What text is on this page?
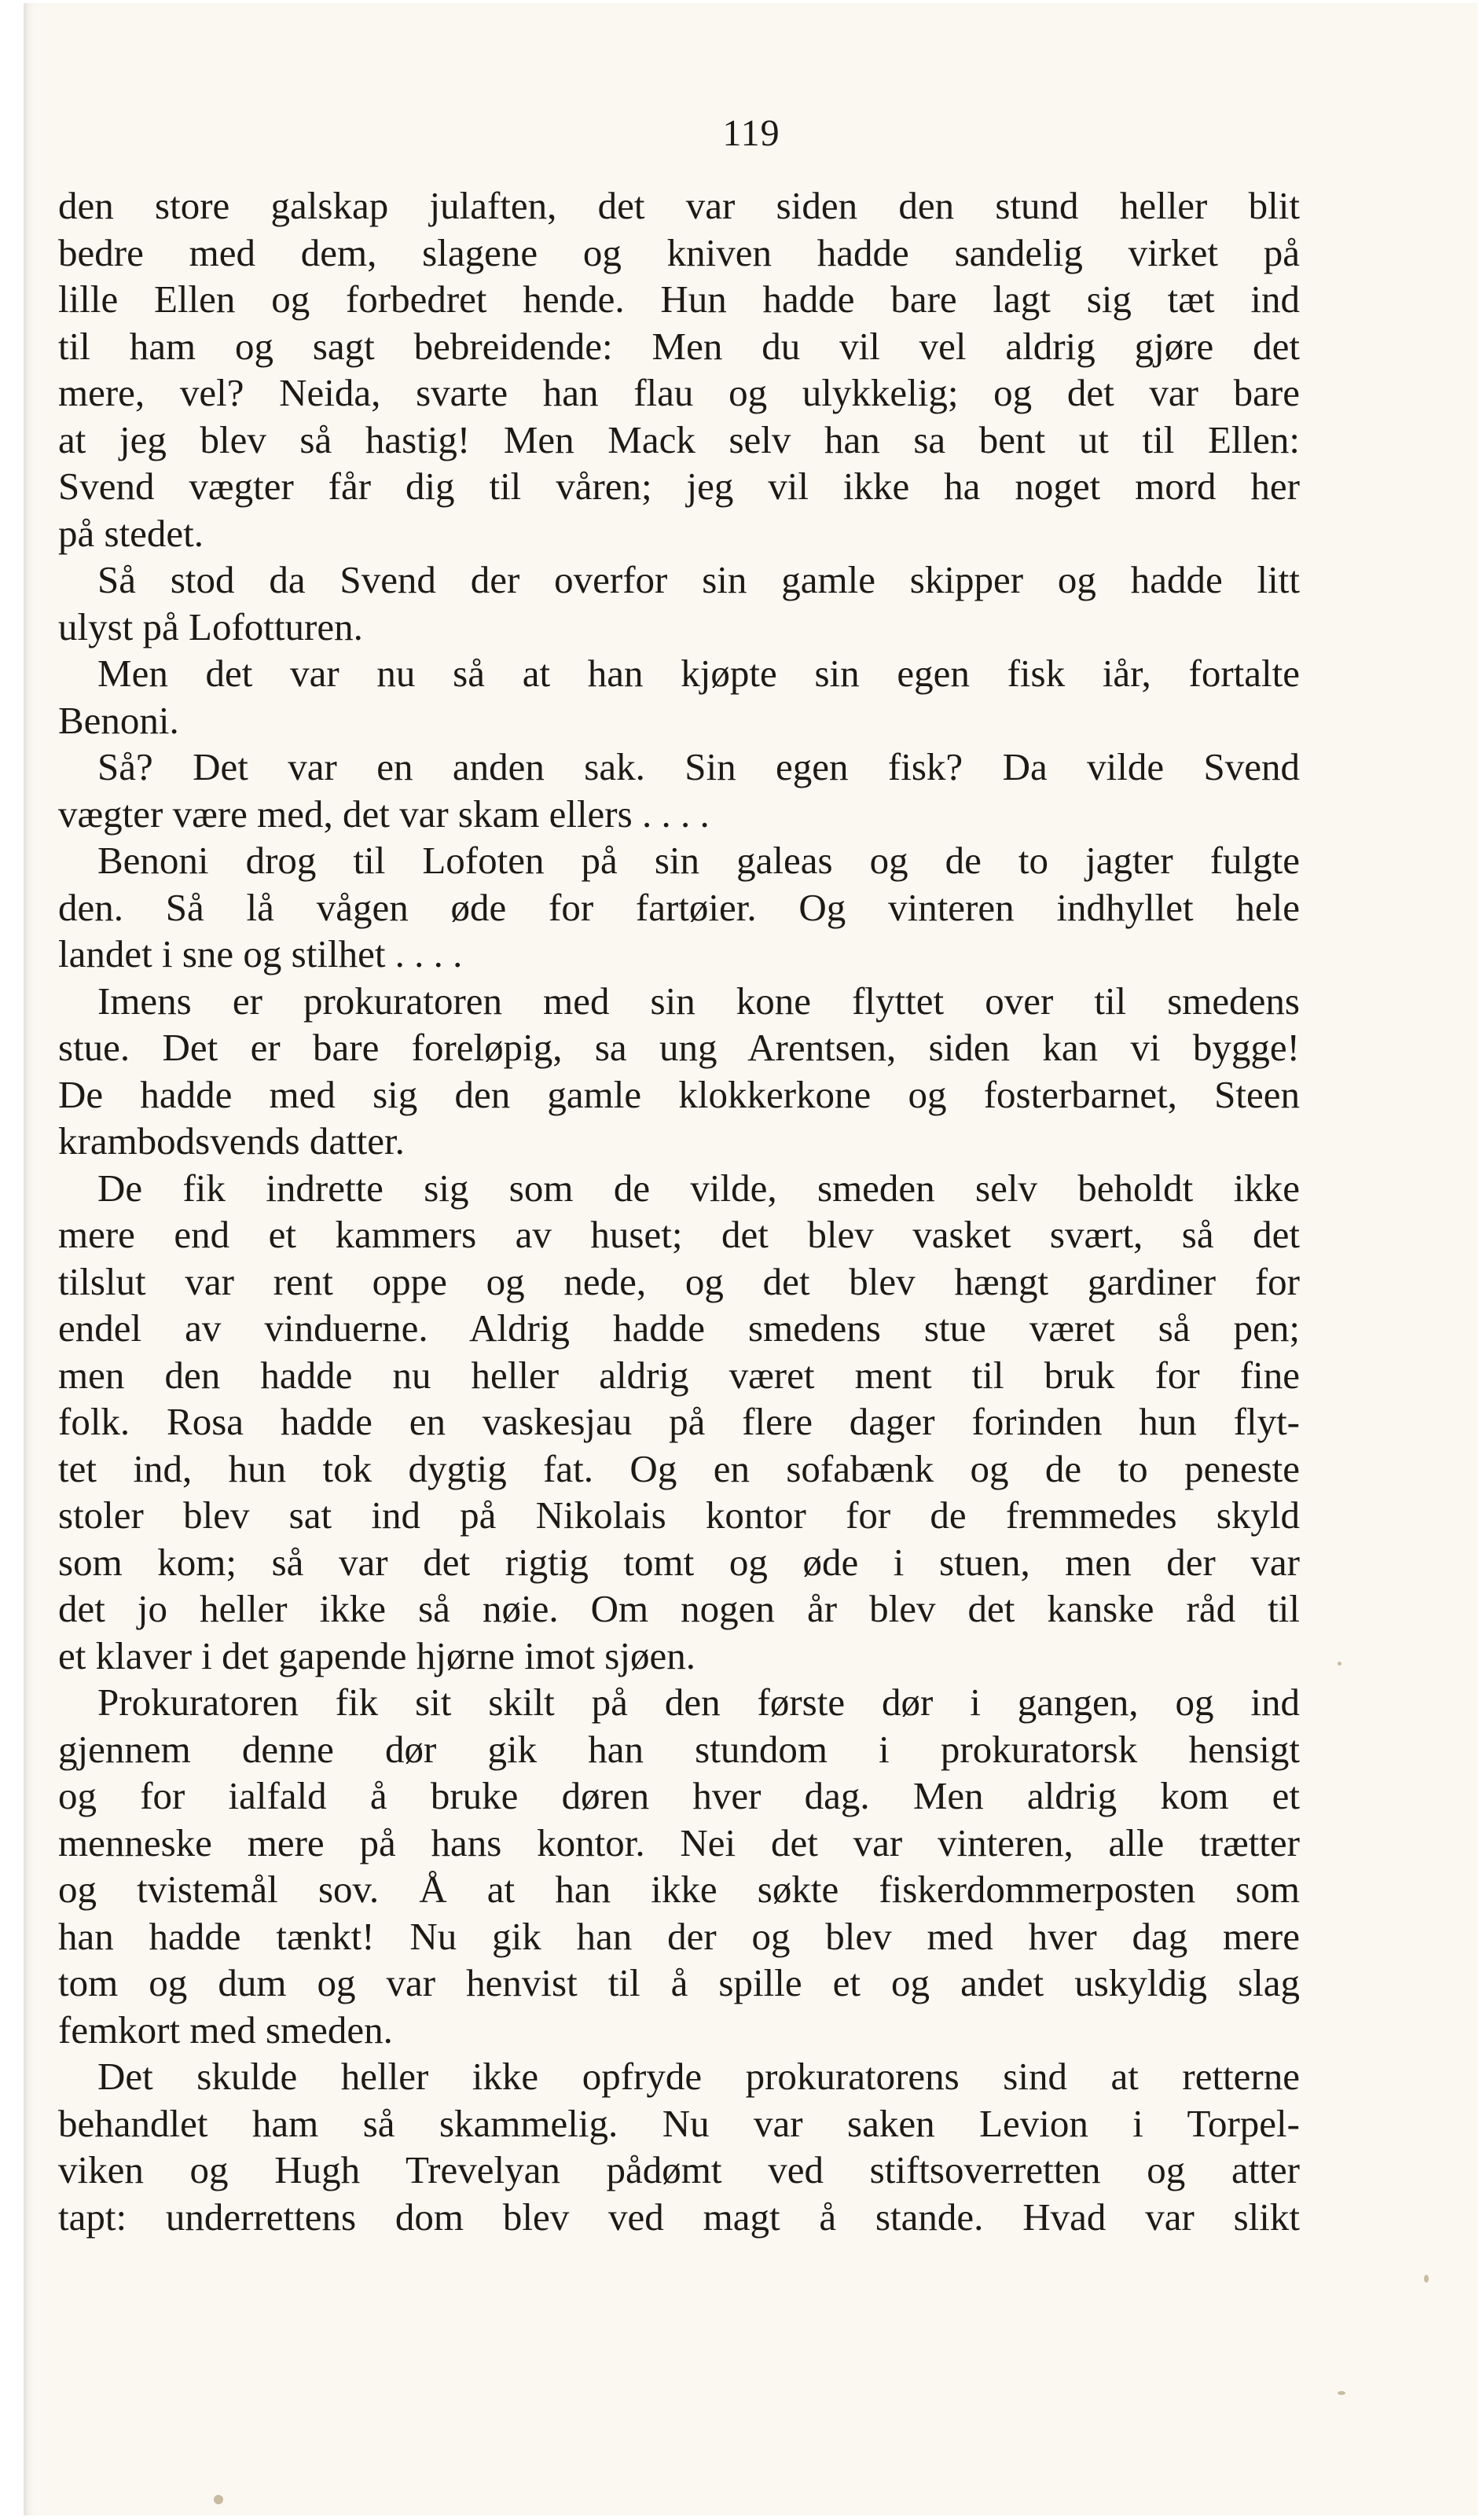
119
den store galskap julaften, det var siden den stund heller blit
bedre med dem, slagene og kniven hadde sandelig virket på
lille Ellen og forbedret hende. Hun hadde bare lagt sig tæt ind
til ham og sagt bebreidende: Men du vil vel aldrig gjøre det
mere, vel? Neida, svarte han flau og ulykkelig; og det var bare
at jeg blev så hastig! Men Mack selv han sa bent ut til Ellen:
Svend vægter får dig til våren; jeg vil ikke ha noget mord her
på stedet.
Så stod da Svend der overfor sin gamle skipper og hadde litt
ulyst på Lofotturen.
Men det var nu så at han kjøpte sin egen fisk iår, fortalte
Benoni.
Så? Det var en anden sak. Sin egen fisk? Da vilde Svend
vægter være med, det var skam ellers . . . .
Benoni drog til Lofoten på sin galeas og de to jagter fulgte
den. Så lå vågen øde for fartøier. Og vinteren indhyllet hele
landet i sne og stilhet . . . .
Imens er prokuratoren med sin kone flyttet over til smedens
stue. Det er bare foreløpig, sa ung Arentsen, siden kan vi bygge!
De hadde med sig den gamle klokkerkone og fosterbarnet, Steen
krambodsvends datter.
De fik indrette sig som de vilde, smeden selv beholdt ikke
mere end et kammers av huset; det blev vasket svært, så det
tilslut var rent oppe og nede, og det blev hængt gardiner for
endel av vinduerne. Aldrig hadde smedens stue været så pen;
men den hadde nu heller aldrig været ment til bruk for fine
folk. Rosa hadde en vaskesjau på flere dager forinden hun flyt-
tet ind, hun tok dygtig fat. Og en sofabænk og de to peneste
stoler blev sat ind på Nikolais kontor for de fremmedes skyld
som kom; så var det rigtig tomt og øde i stuen, men der var
det jo heller ikke så nøie. Om nogen år blev det kanske råd til
et klaver i det gapende hjørne imot sjøen.
Prokuratoren fik sit skilt på den første dør i gangen, og ind
gjennem denne dør gik han stundom i prokuratorsk hensigt
og for ialfald å bruke døren hver dag. Men aldrig kom et
menneske mere på hans kontor. Nei det var vinteren, alle trætter
og tvistemål sov. Å at han ikke søkte fiskerdommerposten som
han hadde tænkt! Nu gik han der og blev med hver dag mere
tom og dum og var henvist til å spille et og andet uskyldig slag
femkort med smeden.
Det skulde heller ikke opfryde prokuratorens sind at retterne
behandlet ham så skammelig. Nu var saken Levion i Torpel-
viken og Hugh Trevelyan pådømt ved stiftsoverretten og atter
tapt: underrettens dom blev ved magt å stande. Hvad var slikt
